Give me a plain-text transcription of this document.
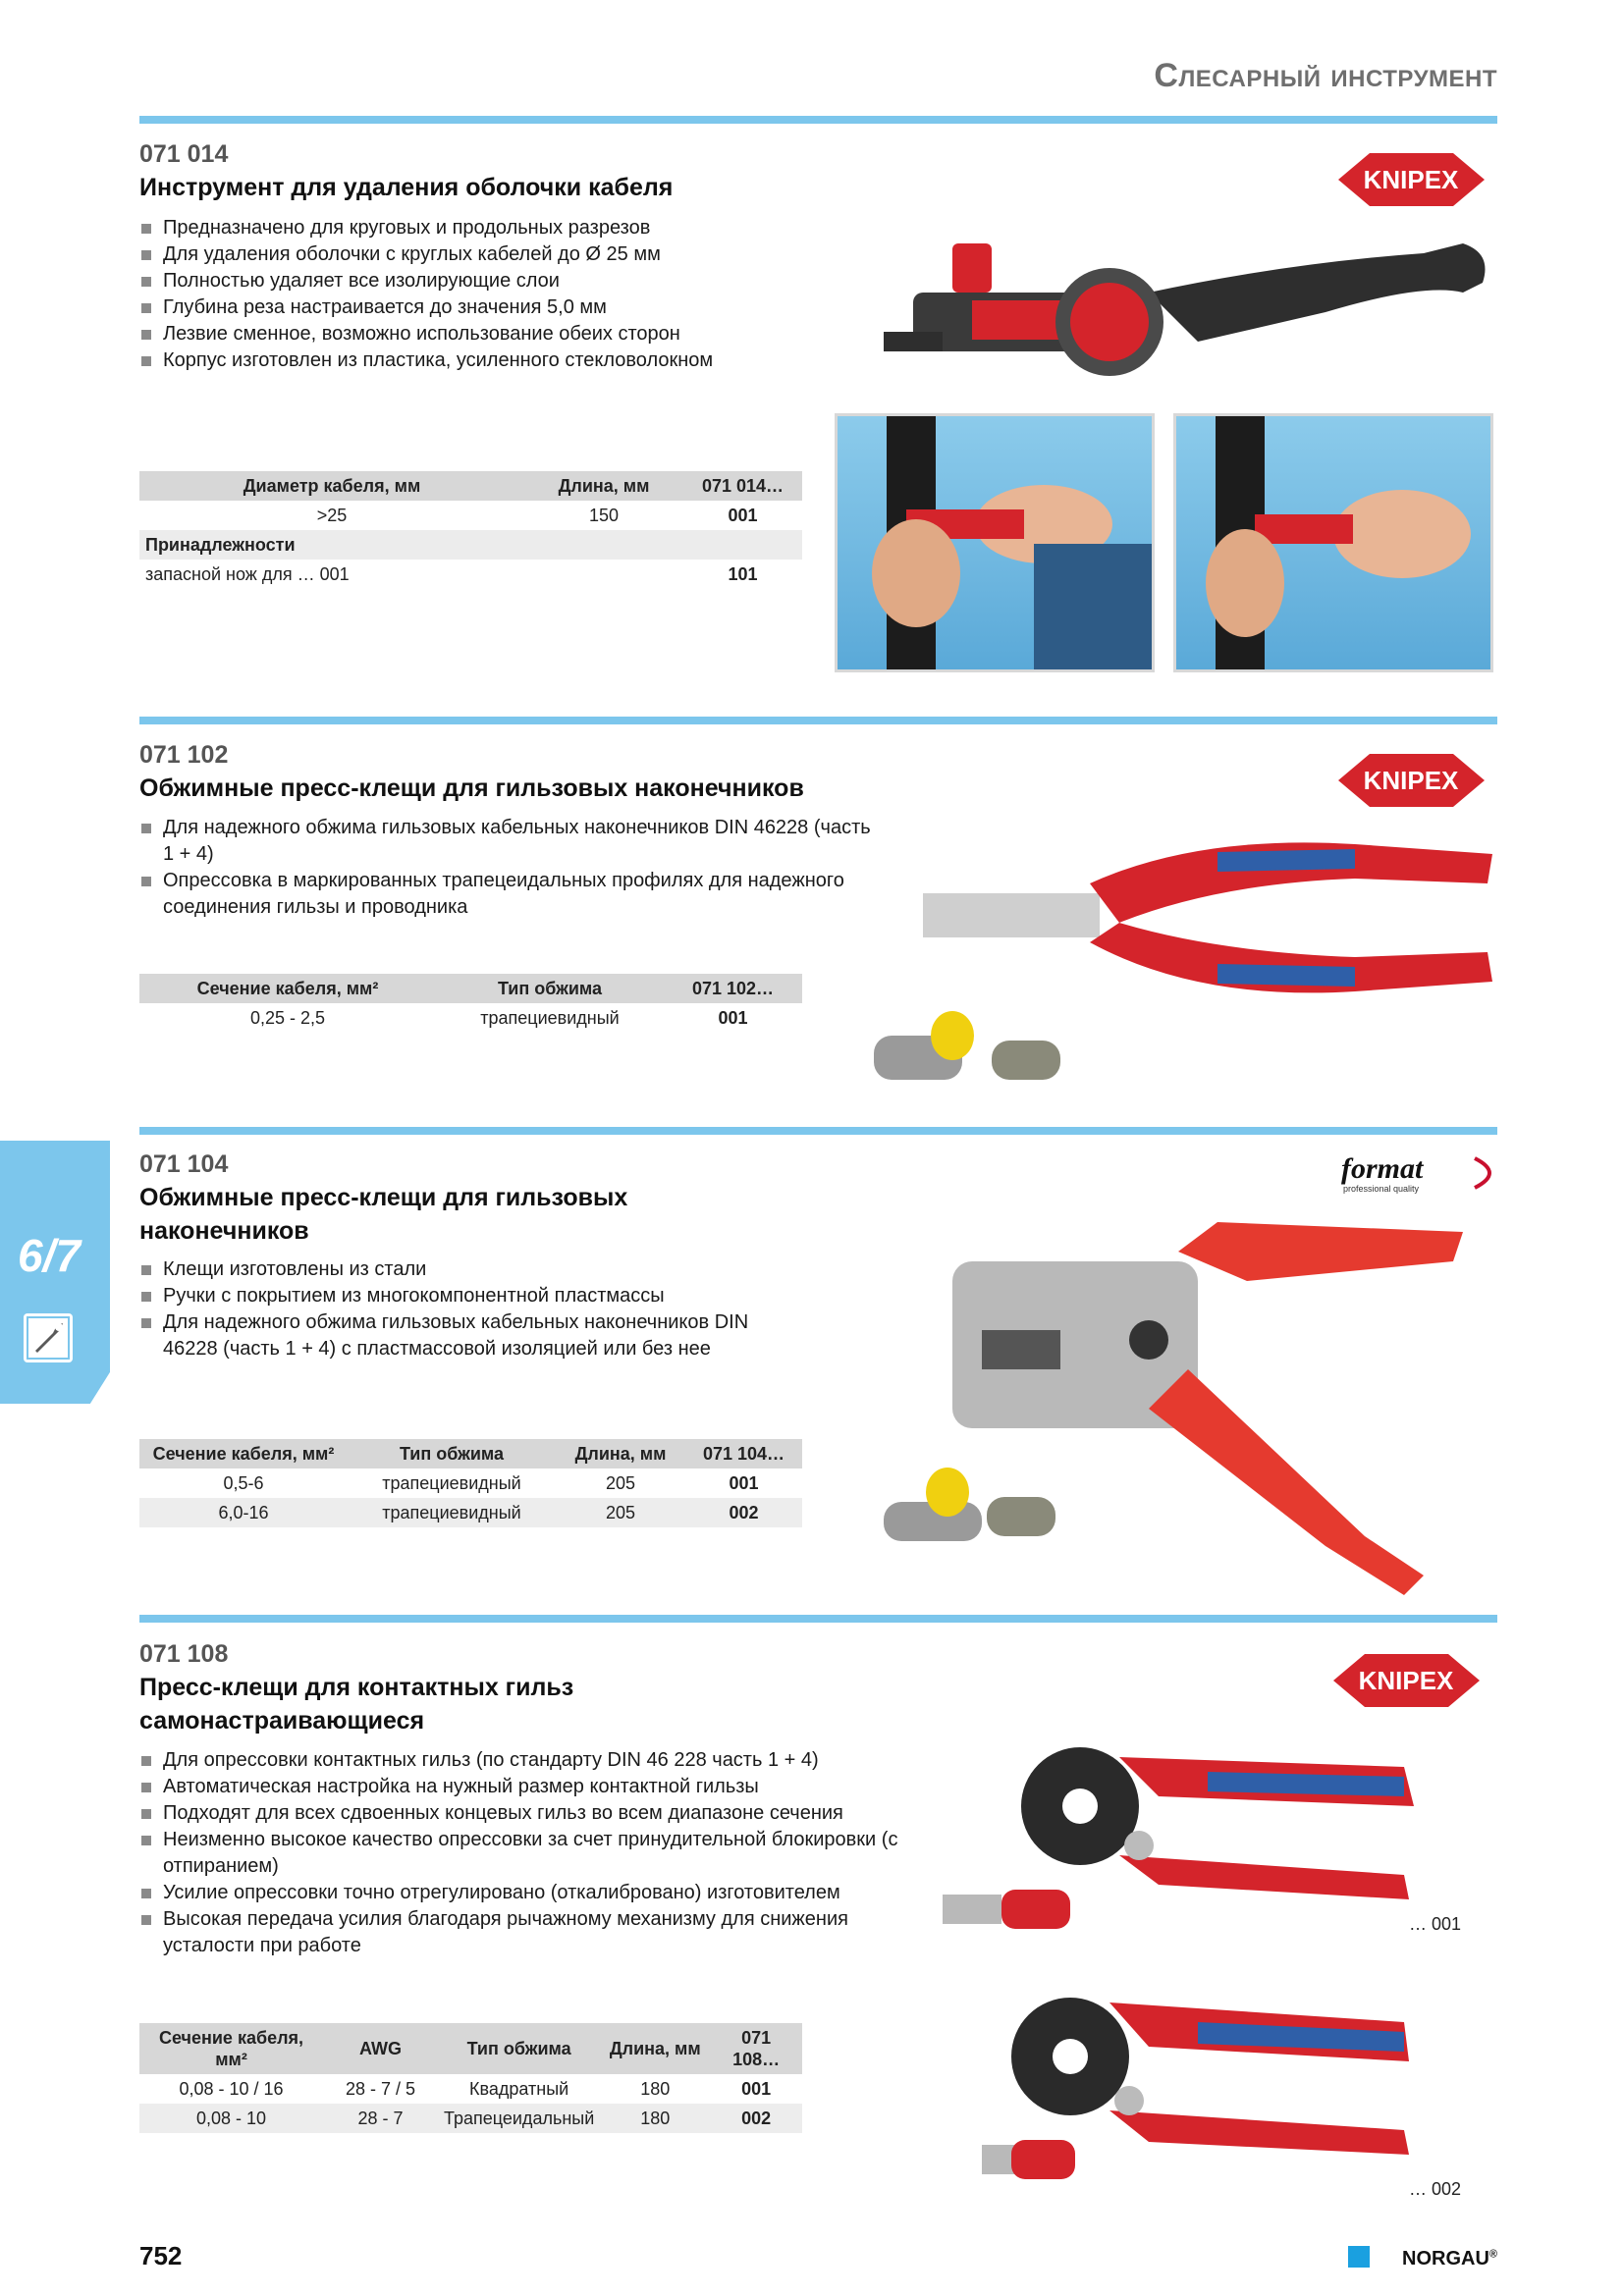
Слесарный инструмент
6/7
071 014
Инструмент для удаления оболочки кабеля
Предназначено для круговых и продольных разрезов
Для удаления оболочки с круглых кабелей до Ø 25 мм
Полностью удаляет все изолирующие слои
Глубина реза настраивается до значения 5,0 мм
Лезвие сменное, возможно использование обеих сторон
Корпус изготовлен из пластика, усиленного стекловолокном
KNIPEX
Диаметр кабеля, мм	Длина, мм	071 014…
>25	150	001
Принадлежности		
запасной нож для … 001		101
071 102
Обжимные пресс-клещи для гильзовых наконечников
Для надежного обжима гильзовых кабельных наконечников DIN 46228 (часть 1 + 4)
Опрессовка в маркированных трапецеидальных профилях для надежного соединения гильзы и проводника
KNIPEX
Сечение кабеля, мм²	Тип обжима	071 102…
0,25 - 2,5	трапециевидный	001
071 104
Обжимные пресс-клещи для гильзовых наконечников
Клещи изготовлены из стали
Ручки с покрытием из многокомпонентной пластмассы
Для надежного обжима гильзовых кабельных наконечников DIN 46228 (часть 1 + 4) с пластмассовой изоляцией или без нее
format
professional quality
Сечение кабеля, мм²	Тип обжима	Длина, мм	071 104…
0,5-6	трапециевидный	205	001
6,0-16	трапециевидный	205	002
071 108
Пресс-клещи для контактных гильз самонастраивающиеся
Для опрессовки контактных гильз (по стандарту DIN 46 228 часть 1 + 4)
Автоматическая настройка на нужный размер контактной гильзы
Подходят для всех сдвоенных концевых гильз во всем диапазоне сечения
Неизменно высокое качество опрессовки за счет принудительной блокировки (с отпиранием)
Усилие опрессовки точно отрегулировано (откалибровано) изготовителем
Высокая передача усилия благодаря рычажному механизму для снижения усталости при работе
KNIPEX
… 001
… 002
Сечение кабеля, мм²	AWG	Тип обжима	Длина, мм	071 108…
0,08 - 10 / 16	28 - 7 / 5	Квадратный	180	001
0,08 - 10	28 - 7	Трапецеидальный	180	002
752	NORGAU®
